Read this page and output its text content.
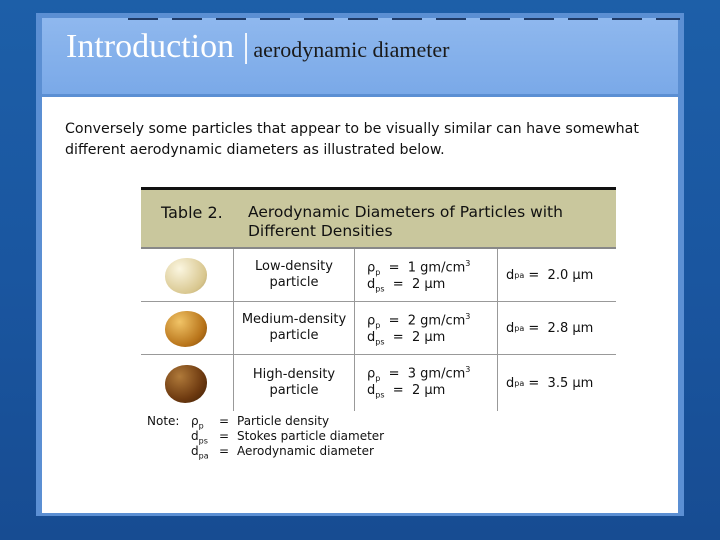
Introduction | aerodynamic diameter
Conversely some particles that appear to be visually similar can have somewhat different aerodynamic diameters as illustrated below.
Table 2. Aerodynamic Diameters of Particles with Different Densities
Low-density particle
$\rho_p = 1$ $gm/cm^3$
$d_{ps} = 2$ µm
d pa = 2.0 µm
Medium-density particle
$\rho_p = 2$ $gm/cm^3$
$d_{ps} = 2$ µm
d pa = 2.8 µm
High-density particle
$\rho_p = 3$ $gm/cm^3$
$d_{ps} = 2$ µm	d pa = 3.5 µm
Note: $\rho_p$ = Particle density
$d_{ps}$ = Stokes particle diameter
$d_{pa}$ = Aerodynamic diameter
